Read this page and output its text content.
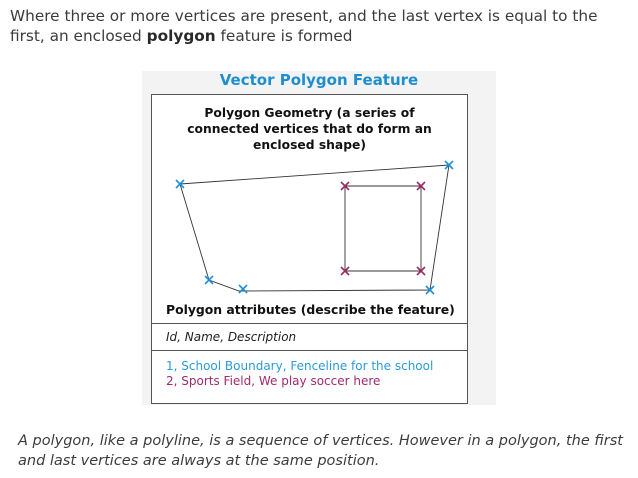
Where three or more vertices are present, and the last vertex is equal to the first, an enclosed polygon feature is formed
Vector Polygon Feature
Polygon Geometry (a series of
connected vertices that do form an
enclosed shape)
Polygon attributes (describe the feature)
Id, Name, Description
1, School Boundary, Fenceline for the school
2, Sports Field, We play soccer here
A polygon, like a polyline, is a sequence of vertices. However in a polygon, the first and last vertices are always at the same position.
